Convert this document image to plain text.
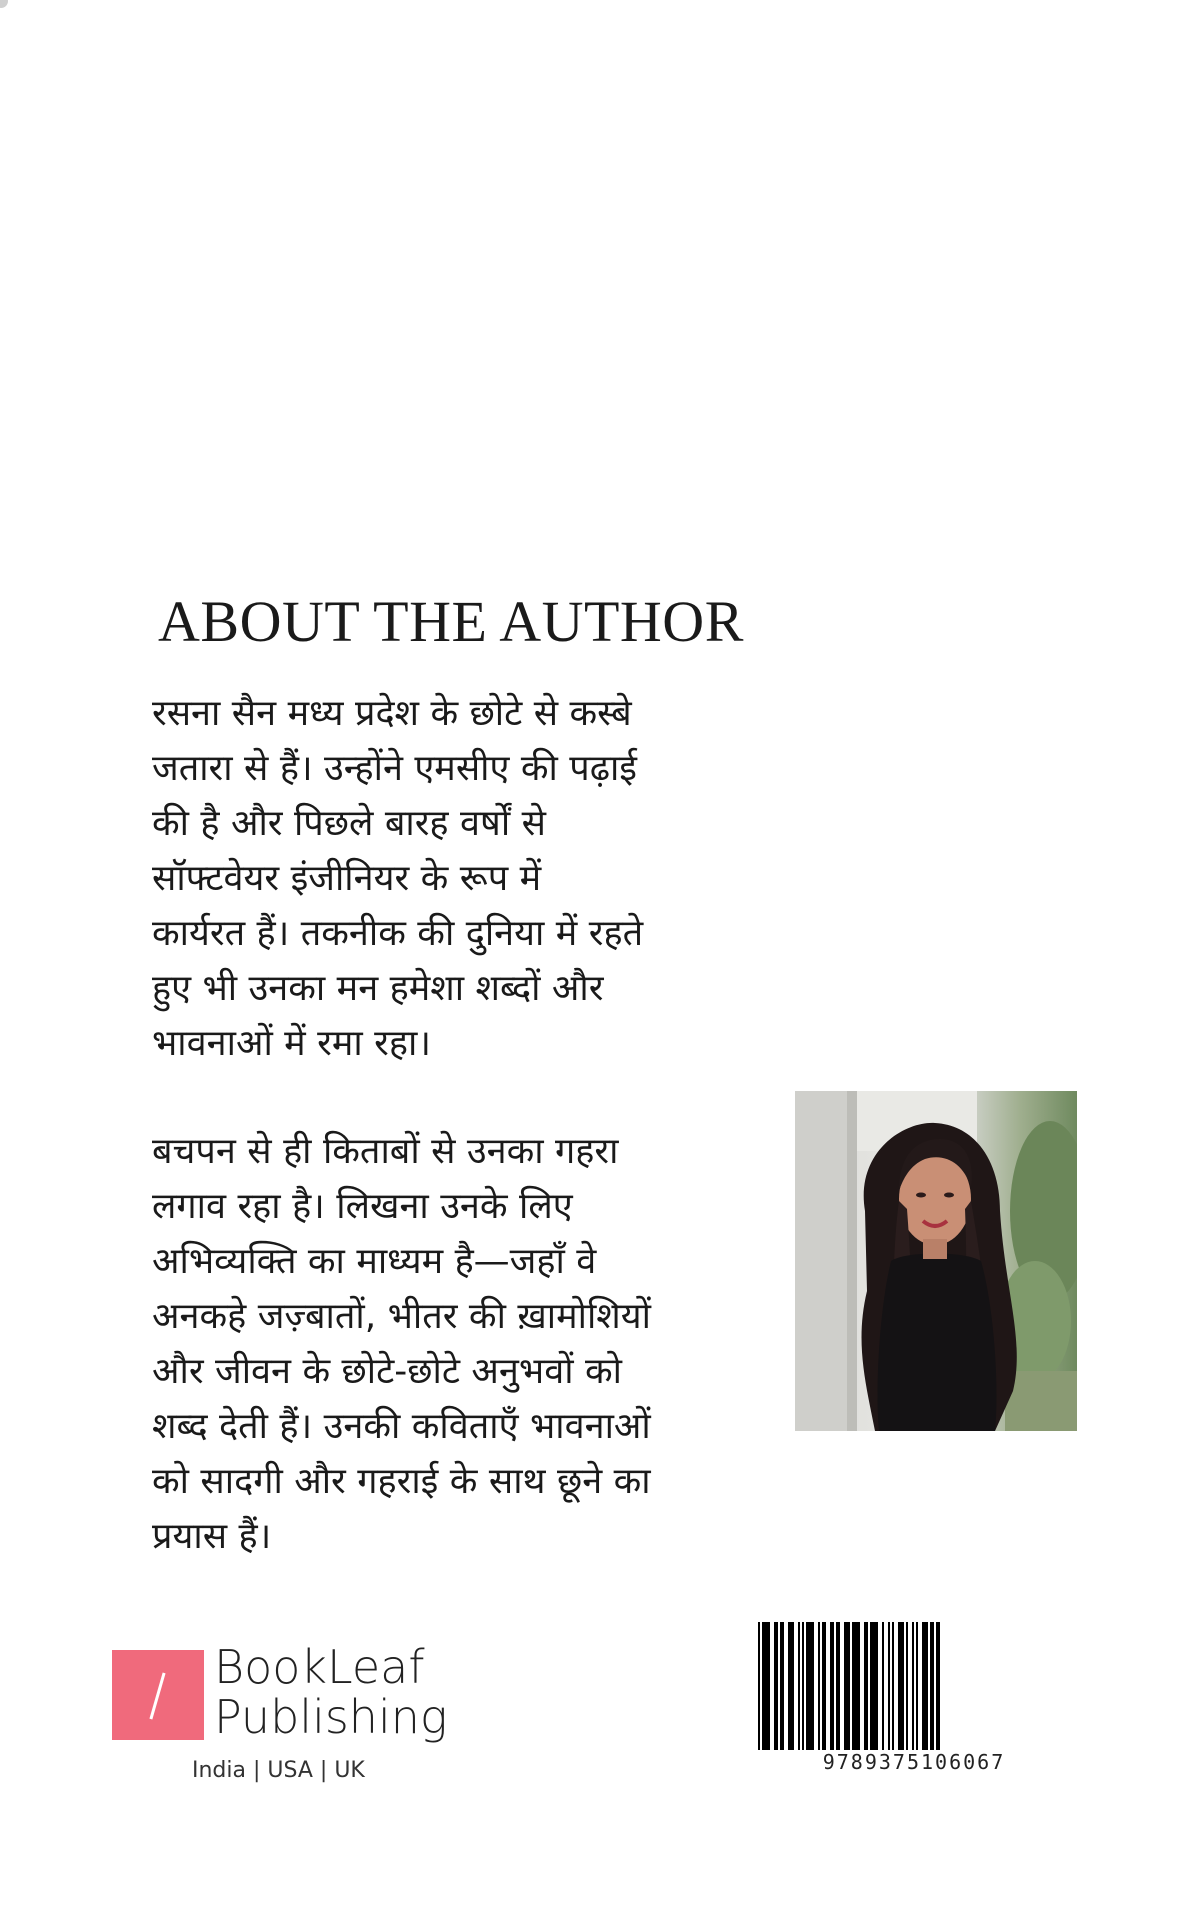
ABOUT THE AUTHOR

रसना सैन मध्य प्रदेश के छोटे से कस्बे
जतारा से हैं। उन्होंने एमसीए की पढ़ाई
की है और पिछले बारह वर्षों से
सॉफ्टवेयर इंजीनियर के रूप में
कार्यरत हैं। तकनीक की दुनिया में रहते
हुए भी उनका मन हमेशा शब्दों और
भावनाओं में रमा रहा।

बचपन से ही किताबों से उनका गहरा
लगाव रहा है। लिखना उनके लिए
अभिव्यक्ति का माध्यम है—जहाँ वे
अनकहे जज़्बातों, भीतर की ख़ामोशियों
और जीवन के छोटे-छोटे अनुभवों को
शब्द देती हैं। उनकी कविताएँ भावनाओं
को सादगी और गहराई के साथ छूने का
प्रयास हैं।

BookLeaf
Publishing
India | USA | UK	9789375106067
